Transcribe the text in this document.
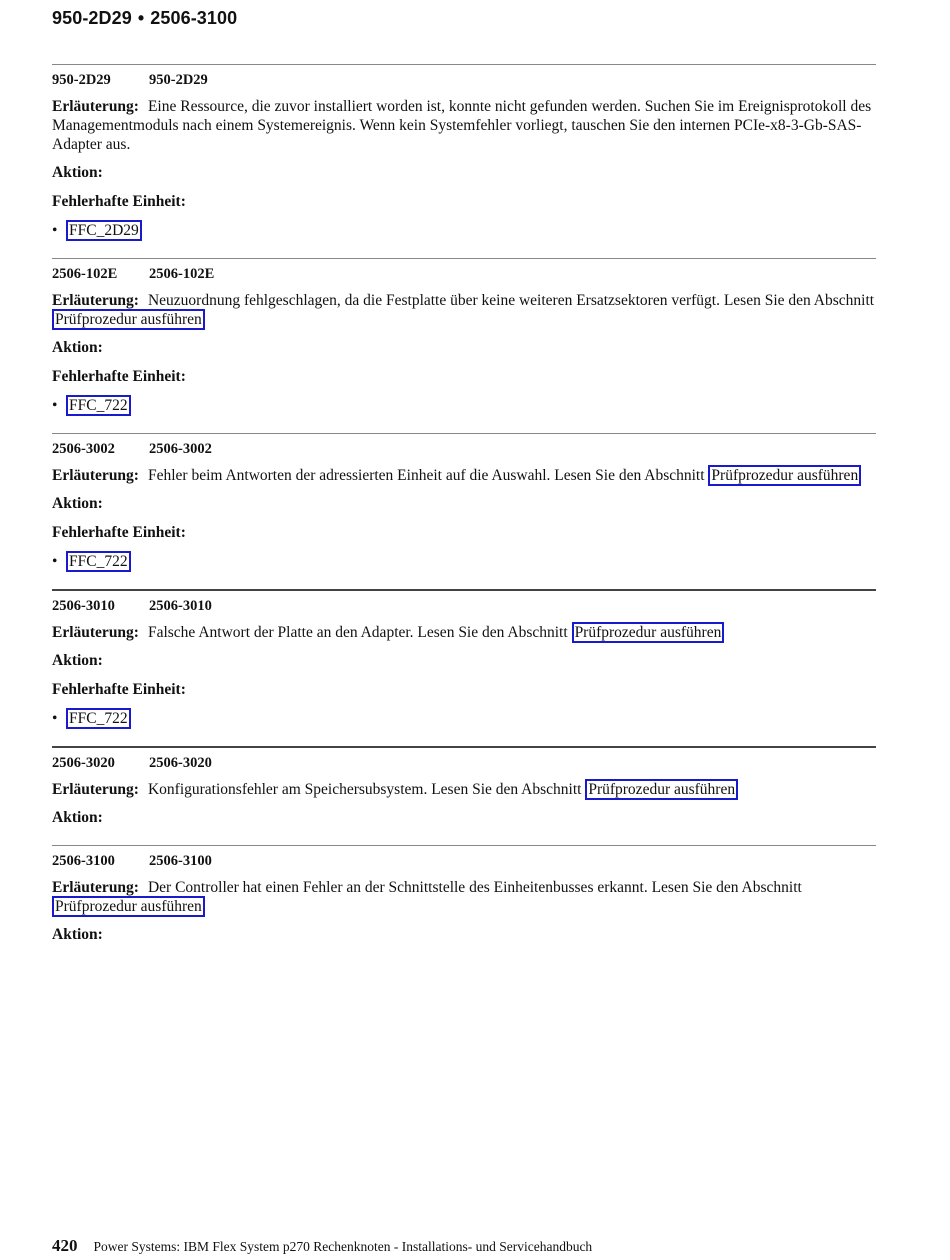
950-2D29 • 2506-3100
950-2D29	950-2D29
Erläuterung: Eine Ressource, die zuvor installiert worden ist, konnte nicht gefunden werden. Suchen Sie im Ereignisprotokoll des Managementmoduls nach einem Systemereignis. Wenn kein Systemfehler vorliegt, tauschen Sie den internen PCIe-x8-3-Gb-SAS-Adapter aus.
Aktion:
Fehlerhafte Einheit:
• FFC_2D29
2506-102E 2506-102E
Erläuterung: Neuzuordnung fehlgeschlagen, da die Festplatte über keine weiteren Ersatzsektoren verfügt. Lesen Sie den Abschnitt Prüfprozedur ausführen
Aktion:
Fehlerhafte Einheit:
• FFC_722
2506-3002 2506-3002
Erläuterung: Fehler beim Antworten der adressierten Einheit auf die Auswahl. Lesen Sie den Abschnitt Prüfprozedur ausführen
Aktion:
Fehlerhafte Einheit:
• FFC_722
2506-3010 2506-3010
Erläuterung: Falsche Antwort der Platte an den Adapter. Lesen Sie den Abschnitt Prüfprozedur ausführen
Aktion:
Fehlerhafte Einheit:
• FFC_722
2506-3020 2506-3020
Erläuterung: Konfigurationsfehler am Speichersubsystem. Lesen Sie den Abschnitt Prüfprozedur ausführen
Aktion:
2506-3100 2506-3100
Erläuterung: Der Controller hat einen Fehler an der Schnittstelle des Einheitenbusses erkannt. Lesen Sie den Abschnitt Prüfprozedur ausführen
Aktion:
420 Power Systems: IBM Flex System p270 Rechenknoten - Installations- und Servicehandbuch
